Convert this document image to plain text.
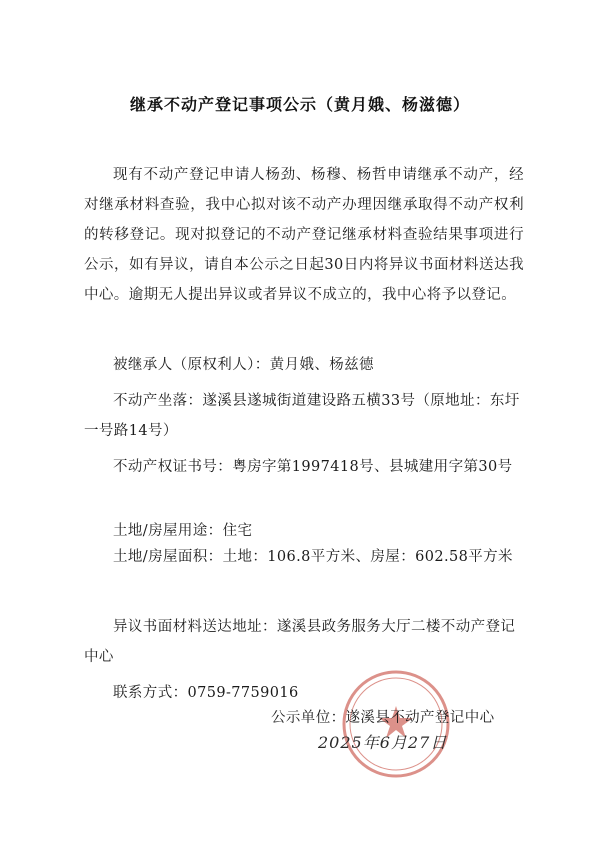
继承不动产登记事项公示（黄月娥、杨滋德）
现有不动产登记申请人杨劲、杨穆、杨哲申请继承不动产，经对继承材料查验，我中心拟对该不动产办理因继承取得不动产权利的转移登记。现对拟登记的不动产登记继承材料查验结果事项进行公示，如有异议，请自本公示之日起30日内将异议书面材料送达我中心。逾期无人提出异议或者异议不成立的，我中心将予以登记。
被继承人（原权利人）：黄月娥、杨兹德
不动产坐落：遂溪县遂城街道建设路五横33号（原地址：东圩一号路14号）
不动产权证书号：粤房字第1997418号、县城建用字第30号
土地/房屋用途：住宅
土地/房屋面积：土地：106.8平方米、房屋：602.58平方米
异议书面材料送达地址：遂溪县政务服务大厅二楼不动产登记中心
联系方式：0759-7759016
公示单位：遂溪县不动产登记中心
2025年6月27日
